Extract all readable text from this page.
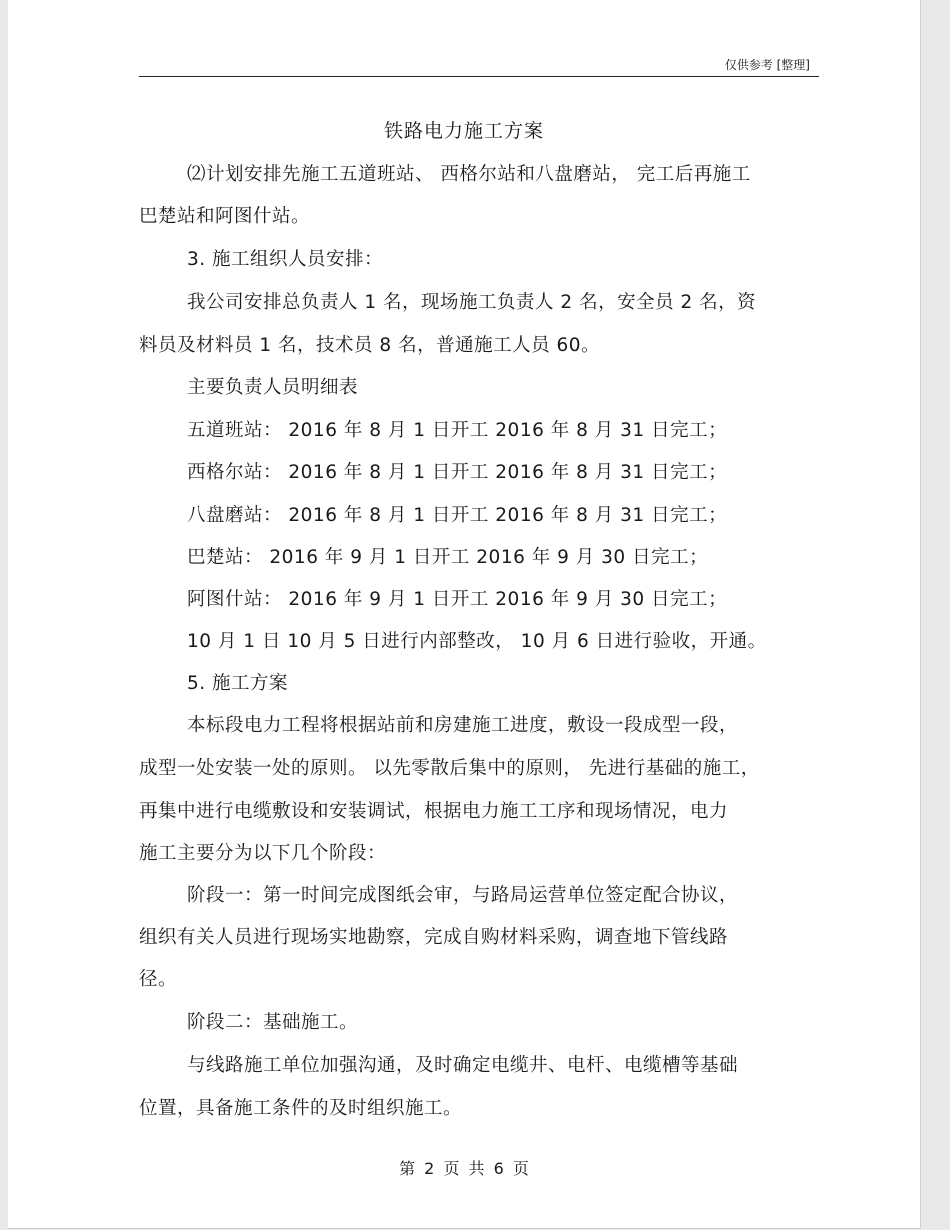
仅供参考 [整理]
铁路电力施工方案
⑵计划安排先施工五道班站、 西格尔站和八盘磨站， 完工后再施工
巴楚站和阿图什站。
3. 施工组织人员安排：
我公司安排总负责人 1 名，现场施工负责人 2 名，安全员 2 名，资
料员及材料员 1 名，技术员 8 名，普通施工人员 60。
主要负责人员明细表
五道班站： 2016 年 8 月 1 日开工 2016 年 8 月 31 日完工；
西格尔站： 2016 年 8 月 1 日开工 2016 年 8 月 31 日完工；
八盘磨站： 2016 年 8 月 1 日开工 2016 年 8 月 31 日完工；
巴楚站： 2016 年 9 月 1 日开工 2016 年 9 月 30 日完工；
阿图什站： 2016 年 9 月 1 日开工 2016 年 9 月 30 日完工；
10 月 1 日 10 月 5 日进行内部整改， 10 月 6 日进行验收，开通。
5. 施工方案
本标段电力工程将根据站前和房建施工进度，敷设一段成型一段，
成型一处安装一处的原则。 以先零散后集中的原则， 先进行基础的施工，
再集中进行电缆敷设和安装调试，根据电力施工工序和现场情况，电力
施工主要分为以下几个阶段：
阶段一：第一时间完成图纸会审，与路局运营单位签定配合协议，
组织有关人员进行现场实地勘察，完成自购材料采购，调查地下管线路
径。
阶段二：基础施工。
与线路施工单位加强沟通，及时确定电缆井、电杆、电缆槽等基础
位置，具备施工条件的及时组织施工。
第 2 页 共 6 页
